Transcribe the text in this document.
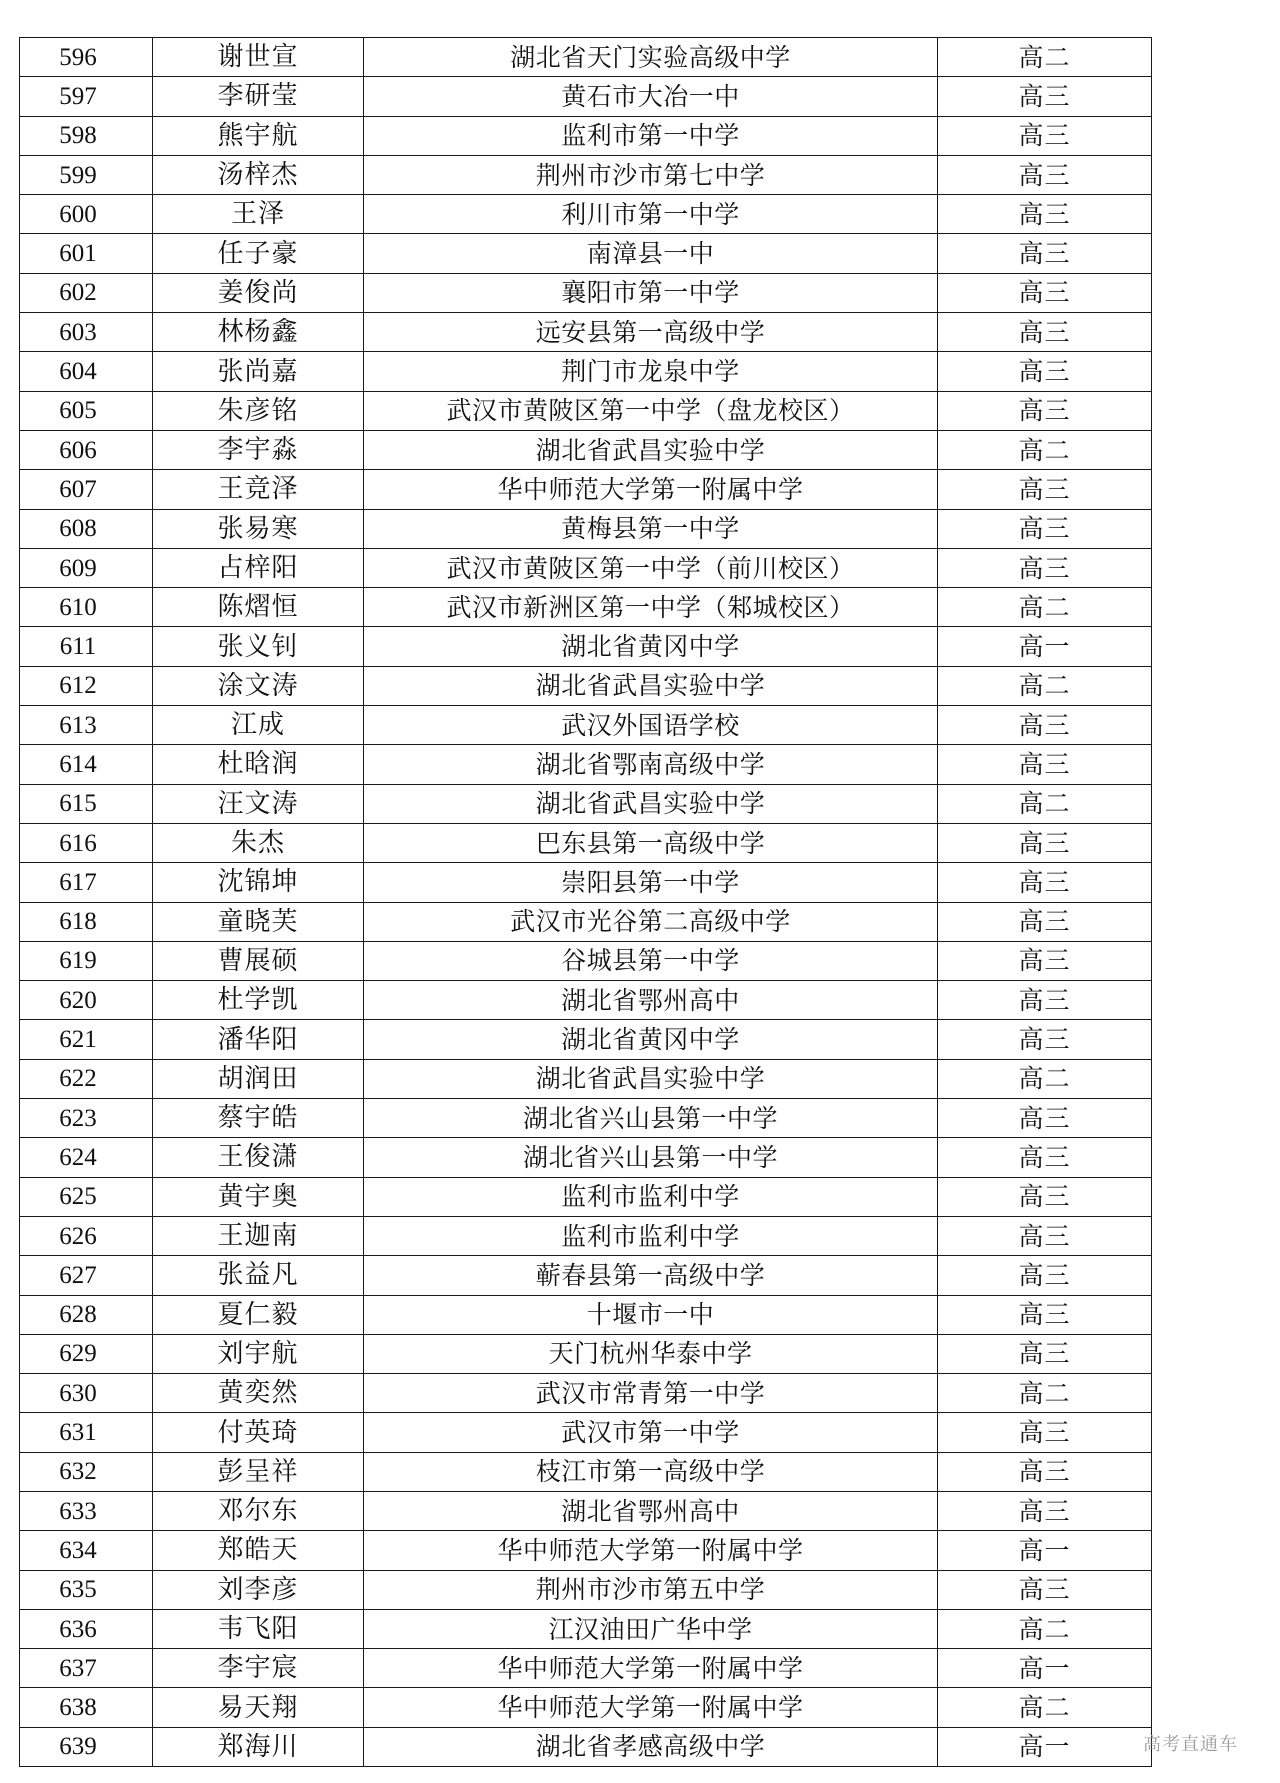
596	谢世宣	湖北省天门实验高级中学	高二
597	李研莹	黄石市大冶一中	高三
598	熊宇航	监利市第一中学	高三
599	汤梓杰	荆州市沙市第七中学	高三
600	王泽	利川市第一中学	高三
601	任子豪	南漳县一中	高三
602	姜俊尚	襄阳市第一中学	高三
603	林杨鑫	远安县第一高级中学	高三
604	张尚嘉	荆门市龙泉中学	高三
605	朱彦铭	武汉市黄陂区第一中学（盘龙校区）	高三
606	李宇淼	湖北省武昌实验中学	高二
607	王竞泽	华中师范大学第一附属中学	高三
608	张易寒	黄梅县第一中学	高三
609	占梓阳	武汉市黄陂区第一中学（前川校区）	高三
610	陈熠恒	武汉市新洲区第一中学（邾城校区）	高二
611	张义钊	湖北省黄冈中学	高一
612	涂文涛	湖北省武昌实验中学	高二
613	江成	武汉外国语学校	高三
614	杜晗润	湖北省鄂南高级中学	高三
615	汪文涛	湖北省武昌实验中学	高二
616	朱杰	巴东县第一高级中学	高三
617	沈锦坤	崇阳县第一中学	高三
618	童晓芙	武汉市光谷第二高级中学	高三
619	曹展硕	谷城县第一中学	高三
620	杜学凯	湖北省鄂州高中	高三
621	潘华阳	湖北省黄冈中学	高三
622	胡润田	湖北省武昌实验中学	高二
623	蔡宇皓	湖北省兴山县第一中学	高三
624	王俊潇	湖北省兴山县第一中学	高三
625	黄宇奥	监利市监利中学	高三
626	王迦南	监利市监利中学	高三
627	张益凡	蕲春县第一高级中学	高三
628	夏仁毅	十堰市一中	高三
629	刘宇航	天门杭州华泰中学	高三
630	黄奕然	武汉市常青第一中学	高二
631	付英琦	武汉市第一中学	高三
632	彭呈祥	枝江市第一高级中学	高三
633	邓尔东	湖北省鄂州高中	高三
634	郑皓天	华中师范大学第一附属中学	高一
635	刘李彦	荆州市沙市第五中学	高三
636	韦飞阳	江汉油田广华中学	高二
637	李宇宸	华中师范大学第一附属中学	高一
638	易天翔	华中师范大学第一附属中学	高二
639	郑海川	湖北省孝感高级中学	高一	高考直通车
